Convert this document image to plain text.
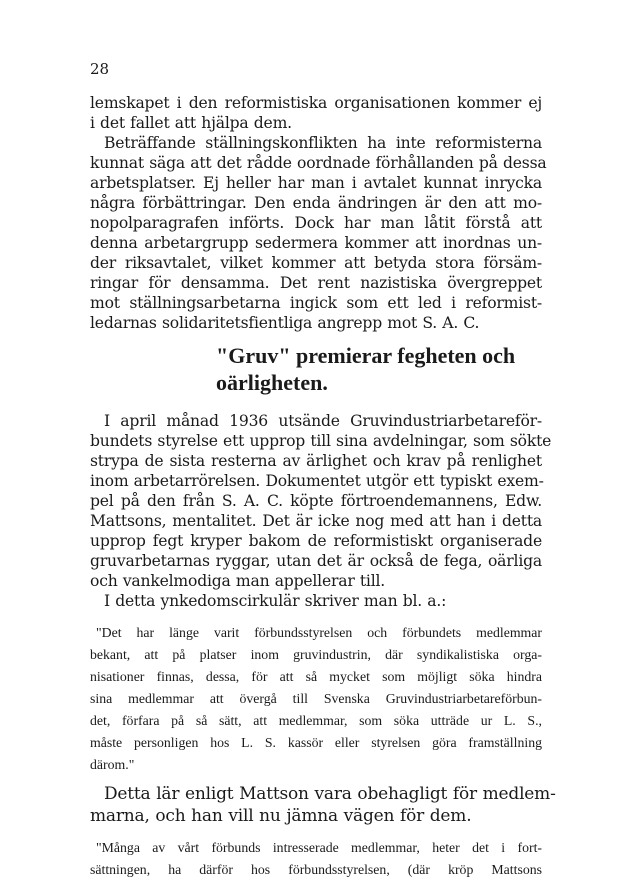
28
lemskapet i den reformistiska organisationen kommer ej
i det fallet att hjälpa dem.
Beträffande ställningskonflikten ha inte reformisterna
kunnat säga att det rådde oordnade förhållanden på dessa
arbetsplatser. Ej heller har man i avtalet kunnat inrycka
några förbättringar. Den enda ändringen är den att mo-
nopolparagrafen införts. Dock har man låtit förstå att
denna arbetargrupp sedermera kommer att inordnas un-
der riksavtalet, vilket kommer att betyda stora försäm-
ringar för densamma. Det rent nazistiska övergreppet
mot ställningsarbetarna ingick som ett led i reformist-
ledarnas solidaritetsfientliga angrepp mot S. A. C.
"Gruv" premierar fegheten och
oärligheten.
I april månad 1936 utsände Gruvindustriarbetareför-
bundets styrelse ett upprop till sina avdelningar, som sökte
strypa de sista resterna av ärlighet och krav på renlighet
inom arbetarrörelsen. Dokumentet utgör ett typiskt exem-
pel på den från S. A. C. köpte förtroendemannens, Edw.
Mattsons, mentalitet. Det är icke nog med att han i detta
upprop fegt kryper bakom de reformistiskt organiserade
gruvarbetarnas ryggar, utan det är också de fega, oärliga
och vankelmodiga man appellerar till.
I detta ynkedomscirkulär skriver man bl. a.:
"Det har länge varit förbundsstyrelsen och förbundets medlemmar
bekant, att på platser inom gruvindustrin, där syndikalistiska orga-
nisationer finnas, dessa, för att så mycket som möjligt söka hindra
sina medlemmar att övergå till Svenska Gruvindustriarbetareförbun-
det, förfara på så sätt, att medlemmar, som söka utträde ur L. S.,
måste personligen hos L. S. kassör eller styrelsen göra framställning
därom."
Detta lär enligt Mattson vara obehagligt för medlem-
marna, och han vill nu jämna vägen för dem.
"Många av vårt förbunds intresserade medlemmar, heter det i fort-
sättningen, ha därför hos förbundsstyrelsen, (där kröp Mattsons
